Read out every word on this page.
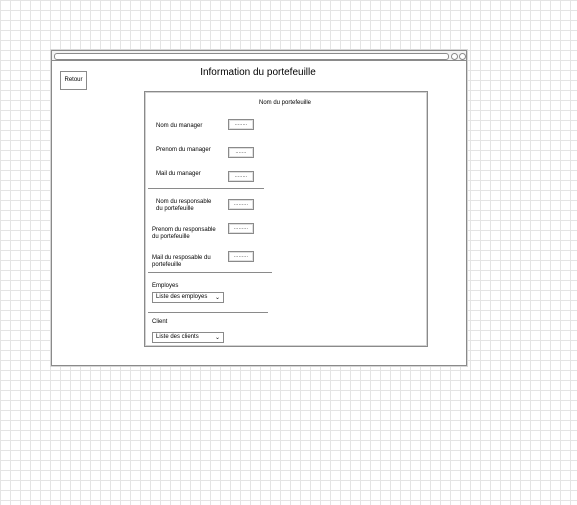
Retour
Information du portefeuille
Nom du portefeuille
Nom du manager	........
Prenom du manager	.......
Mail du manager	........
Nom du responsable
du portefeuille
.........
Prenom du responsable
du portefeuille
.........
Mail du resposable du
portefeuille
.........
Employes
Liste des employes ⌄
Client
Liste des clients	⌄
